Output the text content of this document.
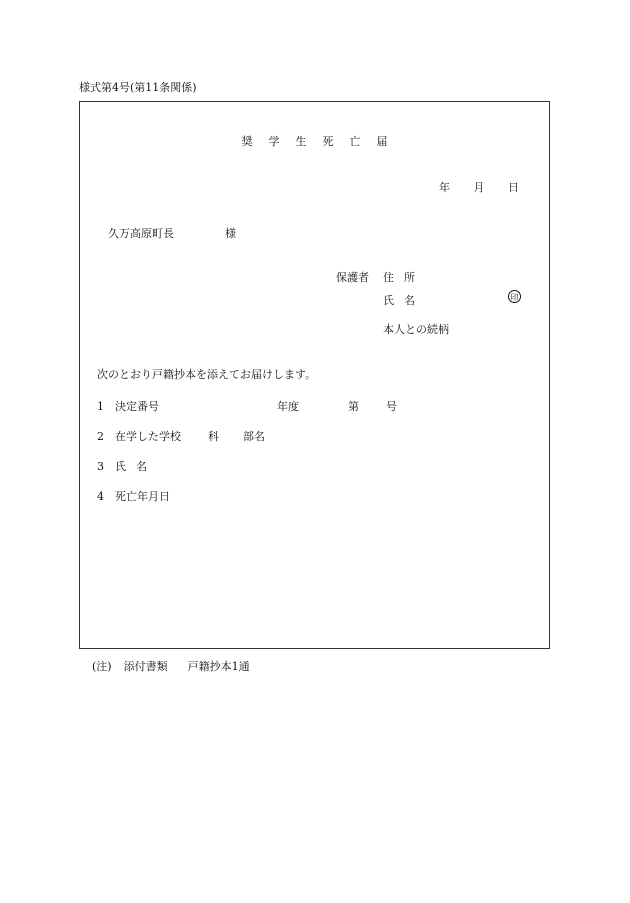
様式第4号(第11条関係)
奨 学 生 死 亡 届
年 月 日
久万高原町長	様
保護者 住 所
氏 名	印
本人との続柄
次のとおり戸籍抄本を添えてお届けします。
1 決定番号	年度	第 号
2 在学した学校 科 部名
3 氏 名
4 死亡年月日
(注) 添付書類 戸籍抄本1通
